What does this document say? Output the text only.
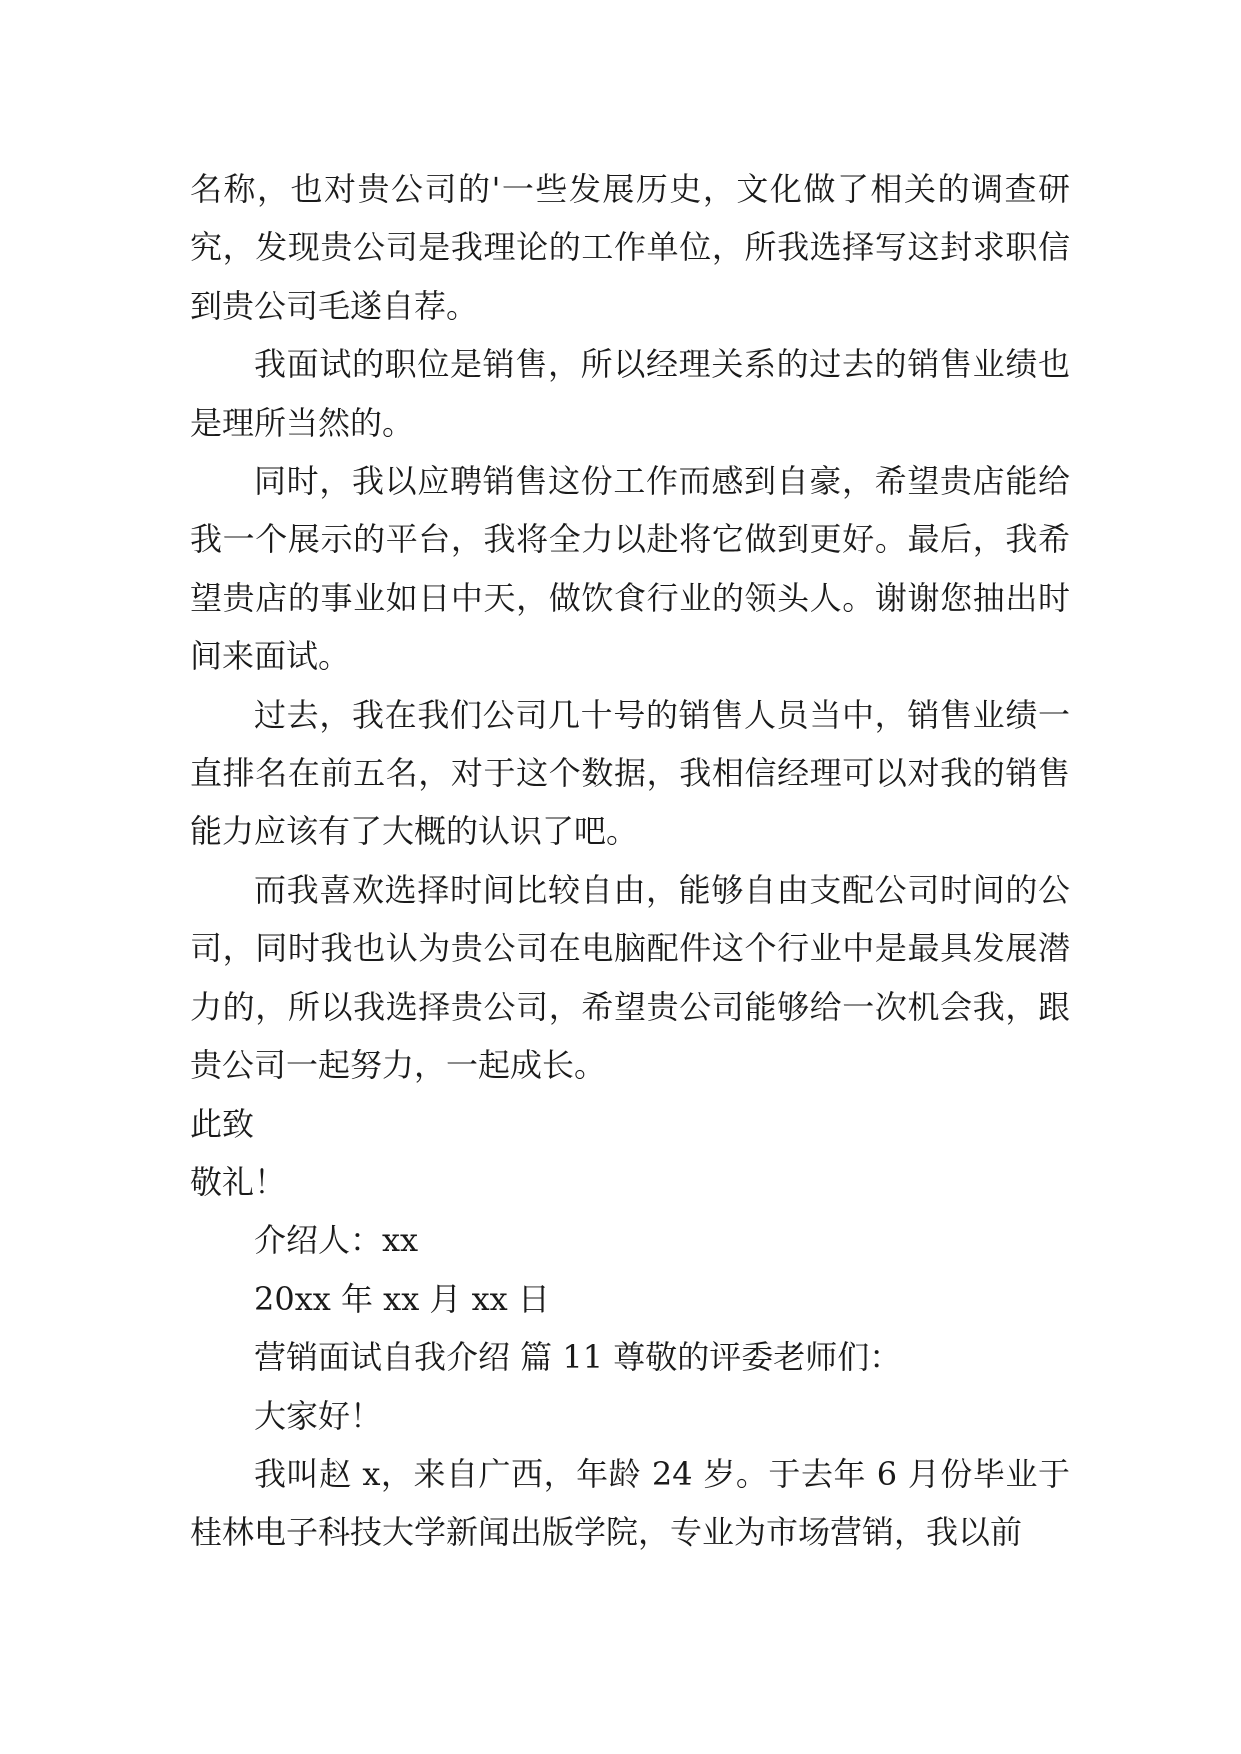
名称，也对贵公司的'一些发展历史，文化做了相关的调查研究，发现贵公司是我理论的工作单位，所我选择写这封求职信到贵公司毛遂自荐。

我面试的职位是销售，所以经理关系的过去的销售业绩也是理所当然的。

同时，我以应聘销售这份工作而感到自豪，希望贵店能给我一个展示的平台，我将全力以赴将它做到更好。最后，我希望贵店的事业如日中天，做饮食行业的领头人。谢谢您抽出时间来面试。

过去，我在我们公司几十号的销售人员当中，销售业绩一直排名在前五名，对于这个数据，我相信经理可以对我的销售能力应该有了大概的认识了吧。

而我喜欢选择时间比较自由，能够自由支配公司时间的公司，同时我也认为贵公司在电脑配件这个行业中是最具发展潜力的，所以我选择贵公司，希望贵公司能够给一次机会我，跟贵公司一起努力，一起成长。

此致

敬礼！

介绍人：xx

20xx 年 xx 月 xx 日

营销面试自我介绍 篇 11 尊敬的评委老师们：

大家好！

我叫赵 x，来自广西，年龄 24 岁。于去年 6 月份毕业于桂林电子科技大学新闻出版学院，专业为市场营销，我以前
